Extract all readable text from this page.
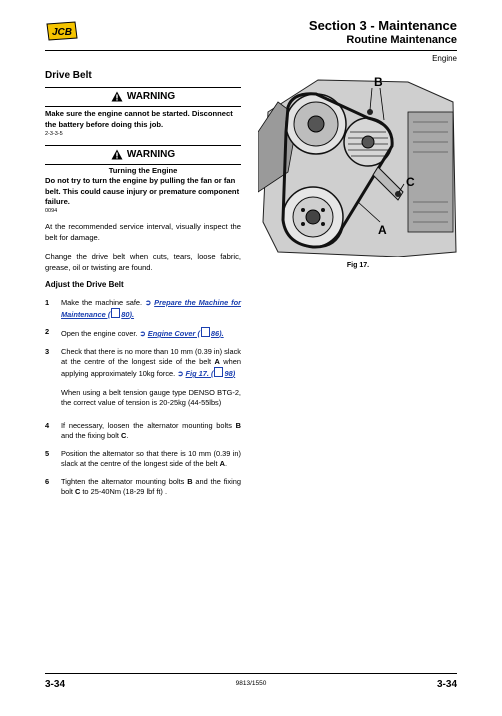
JCB	Section 3 - Maintenance
Routine Maintenance
Engine
Drive Belt
WARNING
Make sure the engine cannot be started. Disconnect the battery before doing this job.
2-3-3-5
WARNING
Turning the Engine
Do not try to turn the engine by pulling the fan or fan belt. This could cause injury or premature component failure.
0094
At the recommended service interval, visually inspect the belt for damage.
Change the drive belt when cuts, tears, loose fabric, grease, oil or twisting are found.
Adjust the Drive Belt
1 Make the machine safe. ➲ Prepare the Machine for Maintenance ( 80).
2 Open the engine cover. ➲ Engine Cover ( 86).
3 Check that there is no more than 10 mm (0.39 in) slack at the centre of the longest side of the belt A when applying approximately 10kg force. ➲ Fig 17. ( 98)
When using a belt tension gauge type DENSO BTG-2, the correct value of tension is 20-25kg (44-55lbs)
4 If necessary, loosen the alternator mounting bolts B and the fixing bolt C.
5 Position the alternator so that there is 10 mm (0.39 in) slack at the centre of the longest side of the belt A.
6 Tighten the alternator mounting bolts B and the fixing bolt C to 25-40Nm (18-29 lbf ft) .
B
C
A
Fig 17.
3-34	9813/1550	3-34
